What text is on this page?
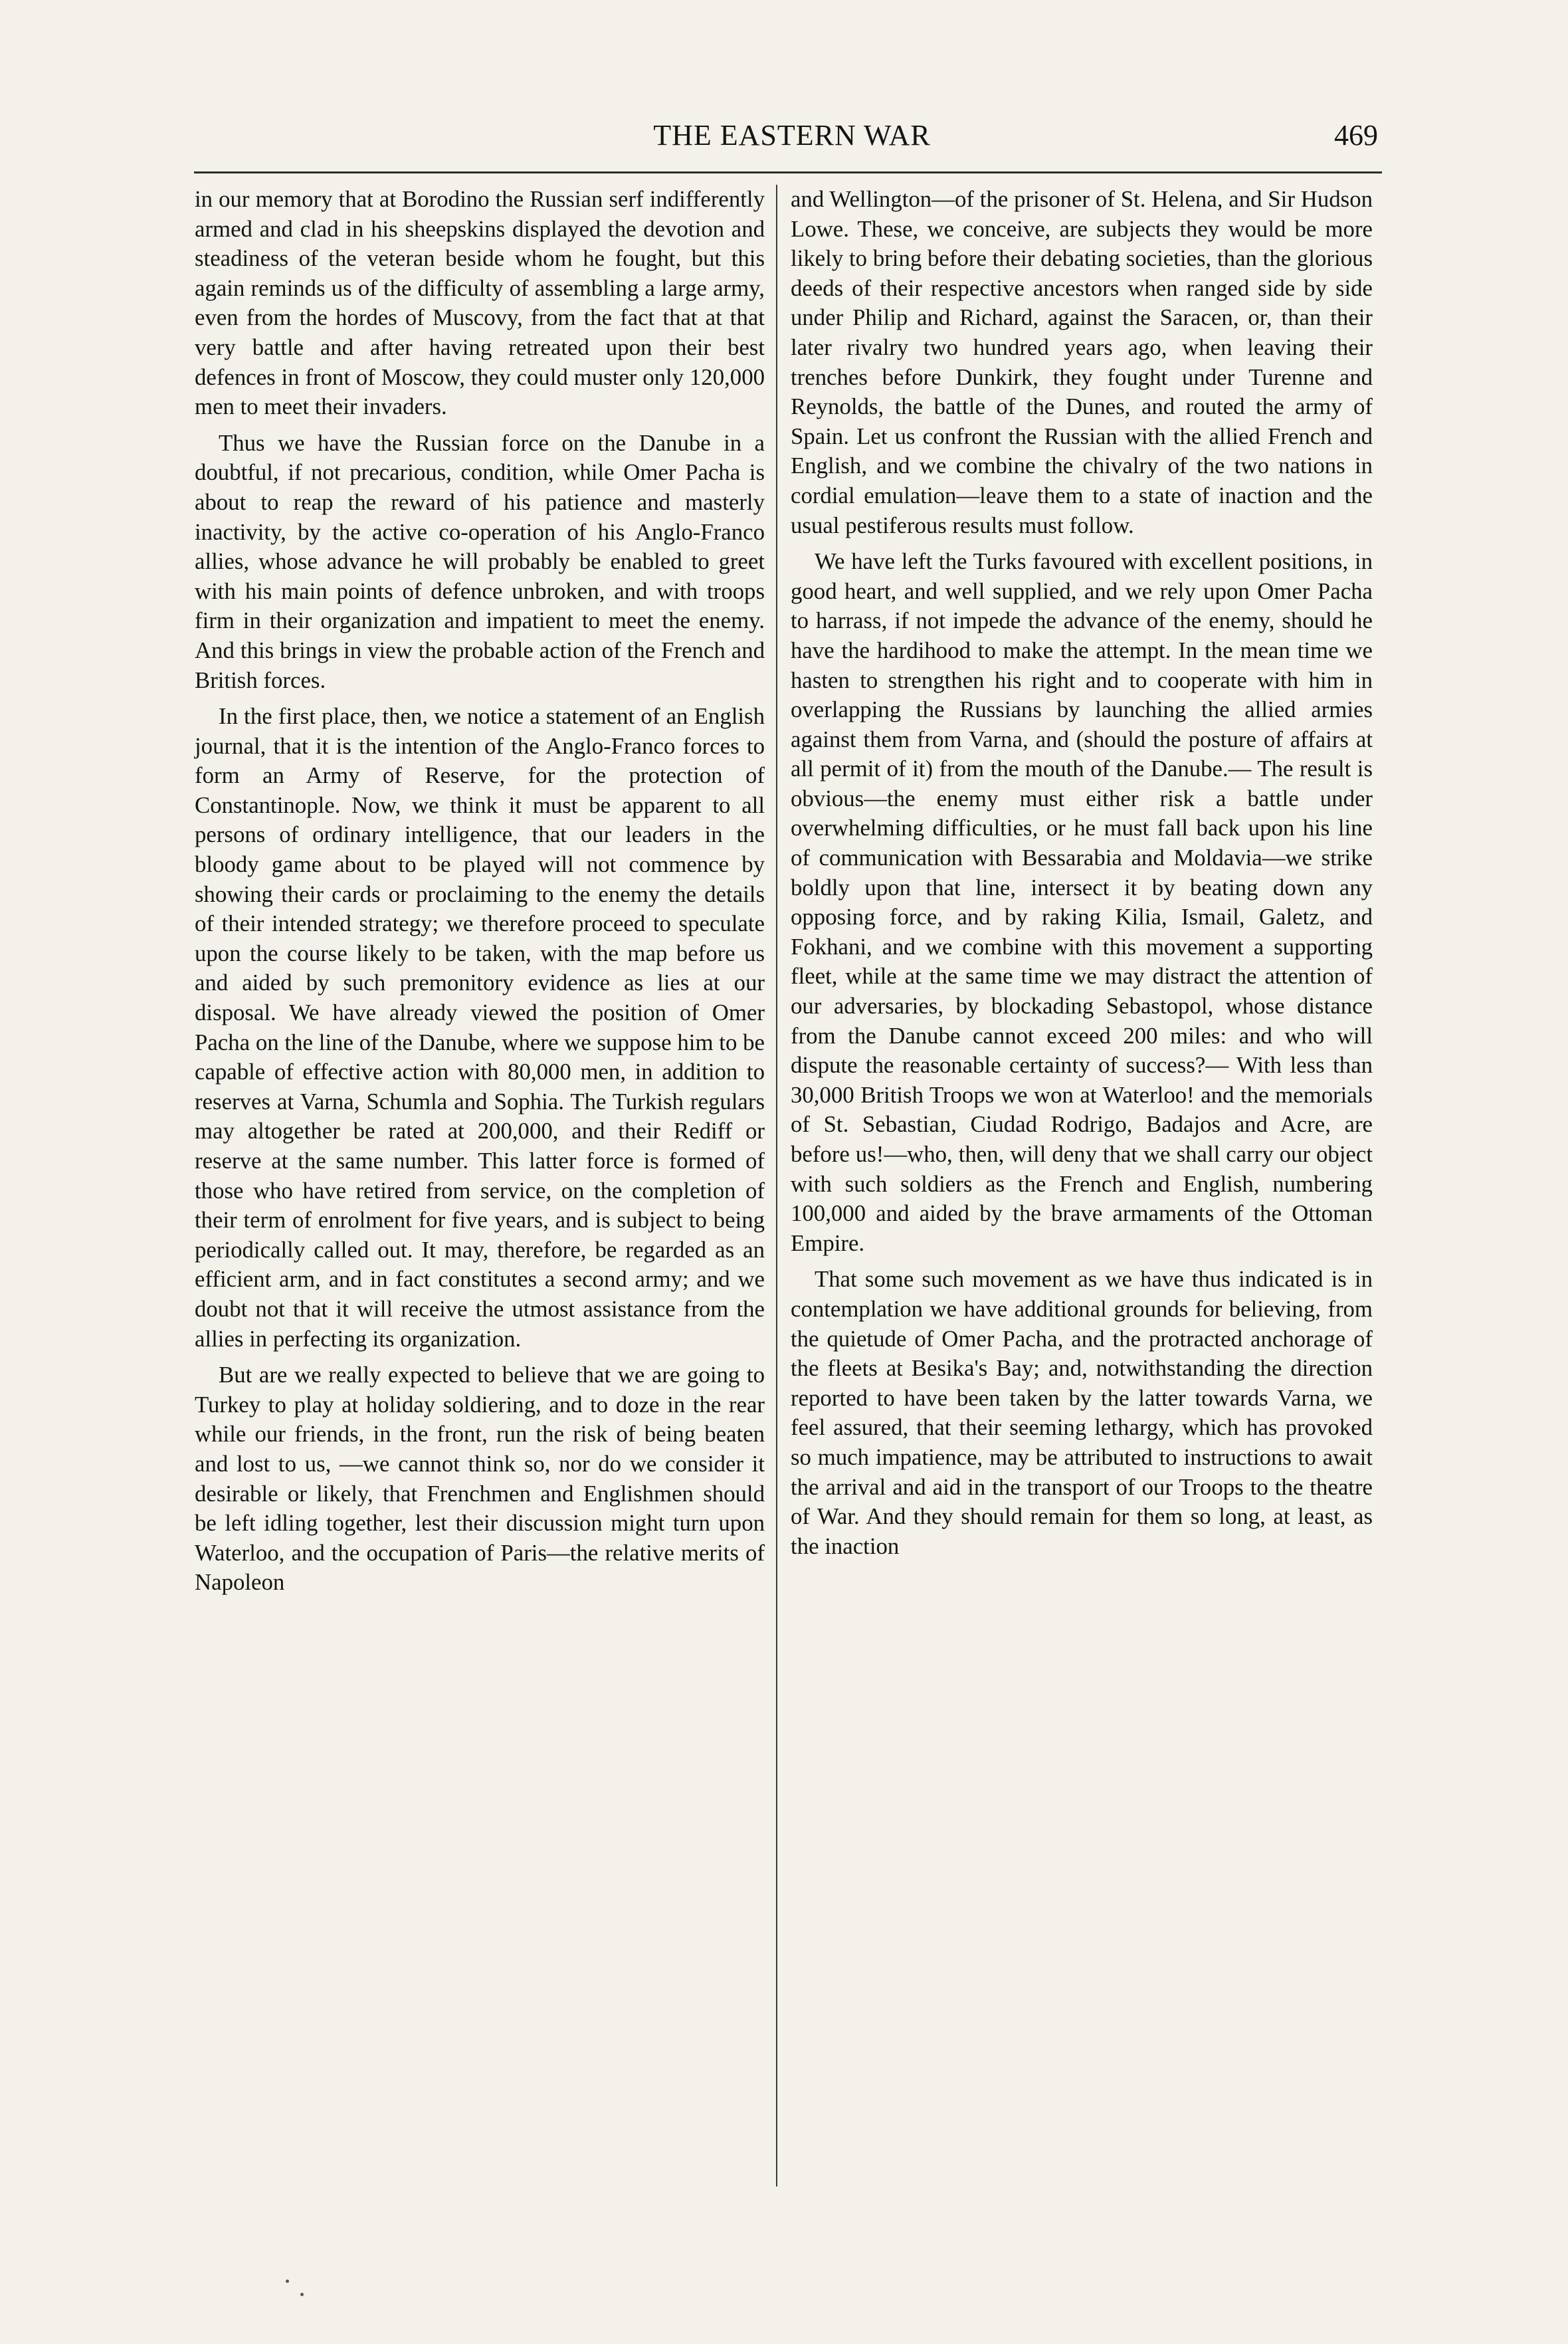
THE EASTERN WAR	469

in our memory that at Borodino the Russian serf indifferently armed and clad in his sheepskins displayed the devotion and steadiness of the veteran beside whom he fought, but this again reminds us of the difficulty of assembling a large army, even from the hordes of Muscovy, from the fact that at that very battle and after having retreated upon their best defences in front of Moscow, they could muster only 120,000 men to meet their invaders.

Thus we have the Russian force on the Danube in a doubtful, if not precarious, condition, while Omer Pacha is about to reap the reward of his patience and masterly inactivity, by the active co-operation of his Anglo-Franco allies, whose advance he will probably be enabled to greet with his main points of defence unbroken, and with troops firm in their organization and impatient to meet the enemy. And this brings in view the probable action of the French and British forces.

In the first place, then, we notice a statement of an English journal, that it is the intention of the Anglo-Franco forces to form an Army of Reserve, for the protection of Constantinople. Now, we think it must be apparent to all persons of ordinary intelligence, that our leaders in the bloody game about to be played will not commence by showing their cards or proclaiming to the enemy the details of their intended strategy; we therefore proceed to speculate upon the course likely to be taken, with the map before us and aided by such premonitory evidence as lies at our disposal. We have already viewed the position of Omer Pacha on the line of the Danube, where we suppose him to be capable of effective action with 80,000 men, in addition to reserves at Varna, Schumla and Sophia. The Turkish regulars may altogether be rated at 200,000, and their Rediff or reserve at the same number. This latter force is formed of those who have retired from service, on the completion of their term of enrolment for five years, and is subject to being periodically called out. It may, therefore, be regarded as an efficient arm, and in fact constitutes a second army; and we doubt not that it will receive the utmost assistance from the allies in perfecting its organization.

But are we really expected to believe that we are going to Turkey to play at holiday soldiering, and to doze in the rear while our friends, in the front, run the risk of being beaten and lost to us, —we cannot think so, nor do we consider it desirable or likely, that Frenchmen and Englishmen should be left idling together, lest their discussion might turn upon Waterloo, and the occupation of Paris—the relative merits of Napoleon

and Wellington—of the prisoner of St. Helena, and Sir Hudson Lowe. These, we conceive, are subjects they would be more likely to bring before their debating societies, than the glorious deeds of their respective ancestors when ranged side by side under Philip and Richard, against the Saracen, or, than their later rivalry two hundred years ago, when leaving their trenches before Dunkirk, they fought under Turenne and Reynolds, the battle of the Dunes, and routed the army of Spain. Let us confront the Russian with the allied French and English, and we combine the chivalry of the two nations in cordial emulation—leave them to a state of inaction and the usual pestiferous results must follow.

We have left the Turks favoured with excellent positions, in good heart, and well supplied, and we rely upon Omer Pacha to harrass, if not impede the advance of the enemy, should he have the hardihood to make the attempt. In the mean time we hasten to strengthen his right and to cooperate with him in overlapping the Russians by launching the allied armies against them from Varna, and (should the posture of affairs at all permit of it) from the mouth of the Danube.— The result is obvious—the enemy must either risk a battle under overwhelming difficulties, or he must fall back upon his line of communication with Bessarabia and Moldavia—we strike boldly upon that line, intersect it by beating down any opposing force, and by raking Kilia, Ismail, Galetz, and Fokhani, and we combine with this movement a supporting fleet, while at the same time we may distract the attention of our adversaries, by blockading Sebastopol, whose distance from the Danube cannot exceed 200 miles: and who will dispute the reasonable certainty of success?— With less than 30,000 British Troops we won at Waterloo! and the memorials of St. Sebastian, Ciudad Rodrigo, Badajos and Acre, are before us!—who, then, will deny that we shall carry our object with such soldiers as the French and English, numbering 100,000 and aided by the brave armaments of the Ottoman Empire.

That some such movement as we have thus indicated is in contemplation we have additional grounds for believing, from the quietude of Omer Pacha, and the protracted anchorage of the fleets at Besika's Bay; and, notwithstanding the direction reported to have been taken by the latter towards Varna, we feel assured, that their seeming lethargy, which has provoked so much impatience, may be attributed to instructions to await the arrival and aid in the transport of our Troops to the theatre of War. And they should remain for them so long, at least, as the inaction
